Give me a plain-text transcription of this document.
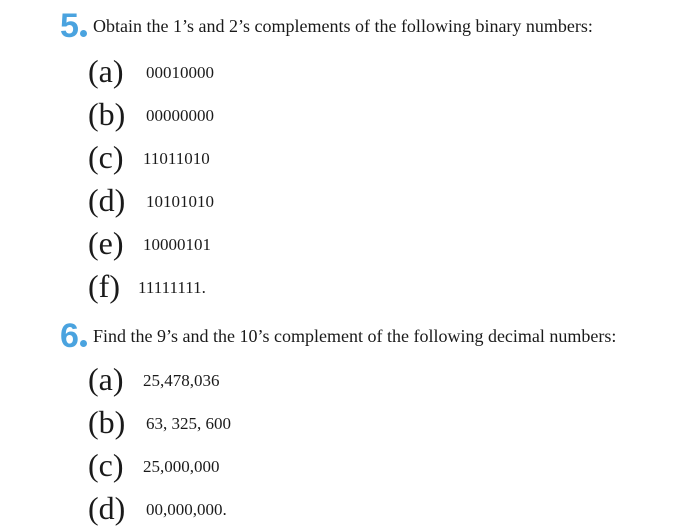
5 Obtain the 1’s and 2’s complements of the following binary numbers:
(a) 00010000
(b) 00000000
(c) 11011010
(d) 10101010
(e) 10000101
(f) 11111111.
6 Find the 9’s and the 10’s complement of the following decimal numbers:
(a) 25,478,036
(b) 63, 325, 600
(c) 25,000,000
(d) 00,000,000.
